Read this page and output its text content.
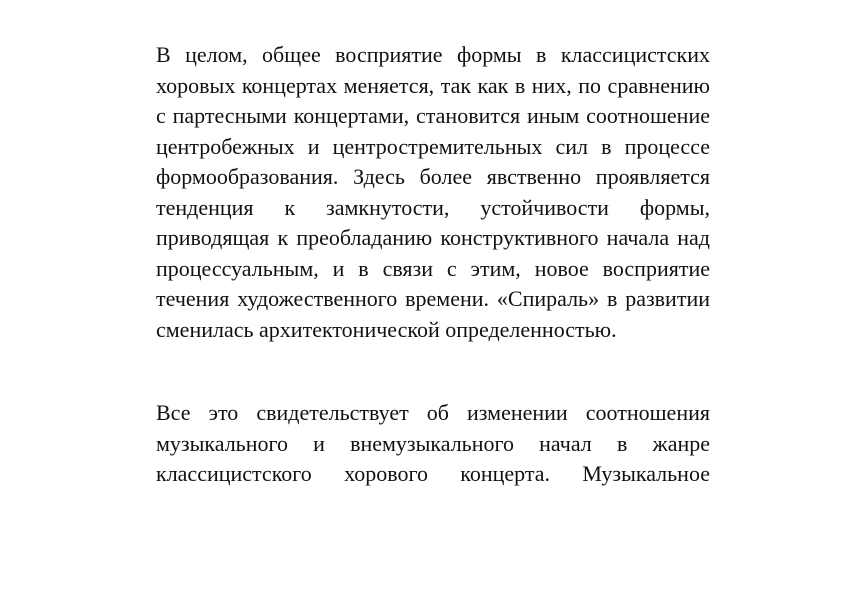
В целом, общее восприятие формы в классицистских
хоровых концертах меняется, так как в них, по сравнению
с партесными концертами, становится иным соотношение
центробежных и центростремительных сил в процессе
формообразования. Здесь более явственно проявляется
тенденция к замкнутости, устойчивости формы,
приводящая к преобладанию конструктивного начала над
процессуальным, и в связи с этим, новое восприятие
течения художественного времени. «Спираль» в развитии
сменилась архитектонической определенностью.
Все это свидетельствует об изменении соотношения
музыкального и внемузыкального начал в жанре
классицистского хорового концерта. Музыкальное
